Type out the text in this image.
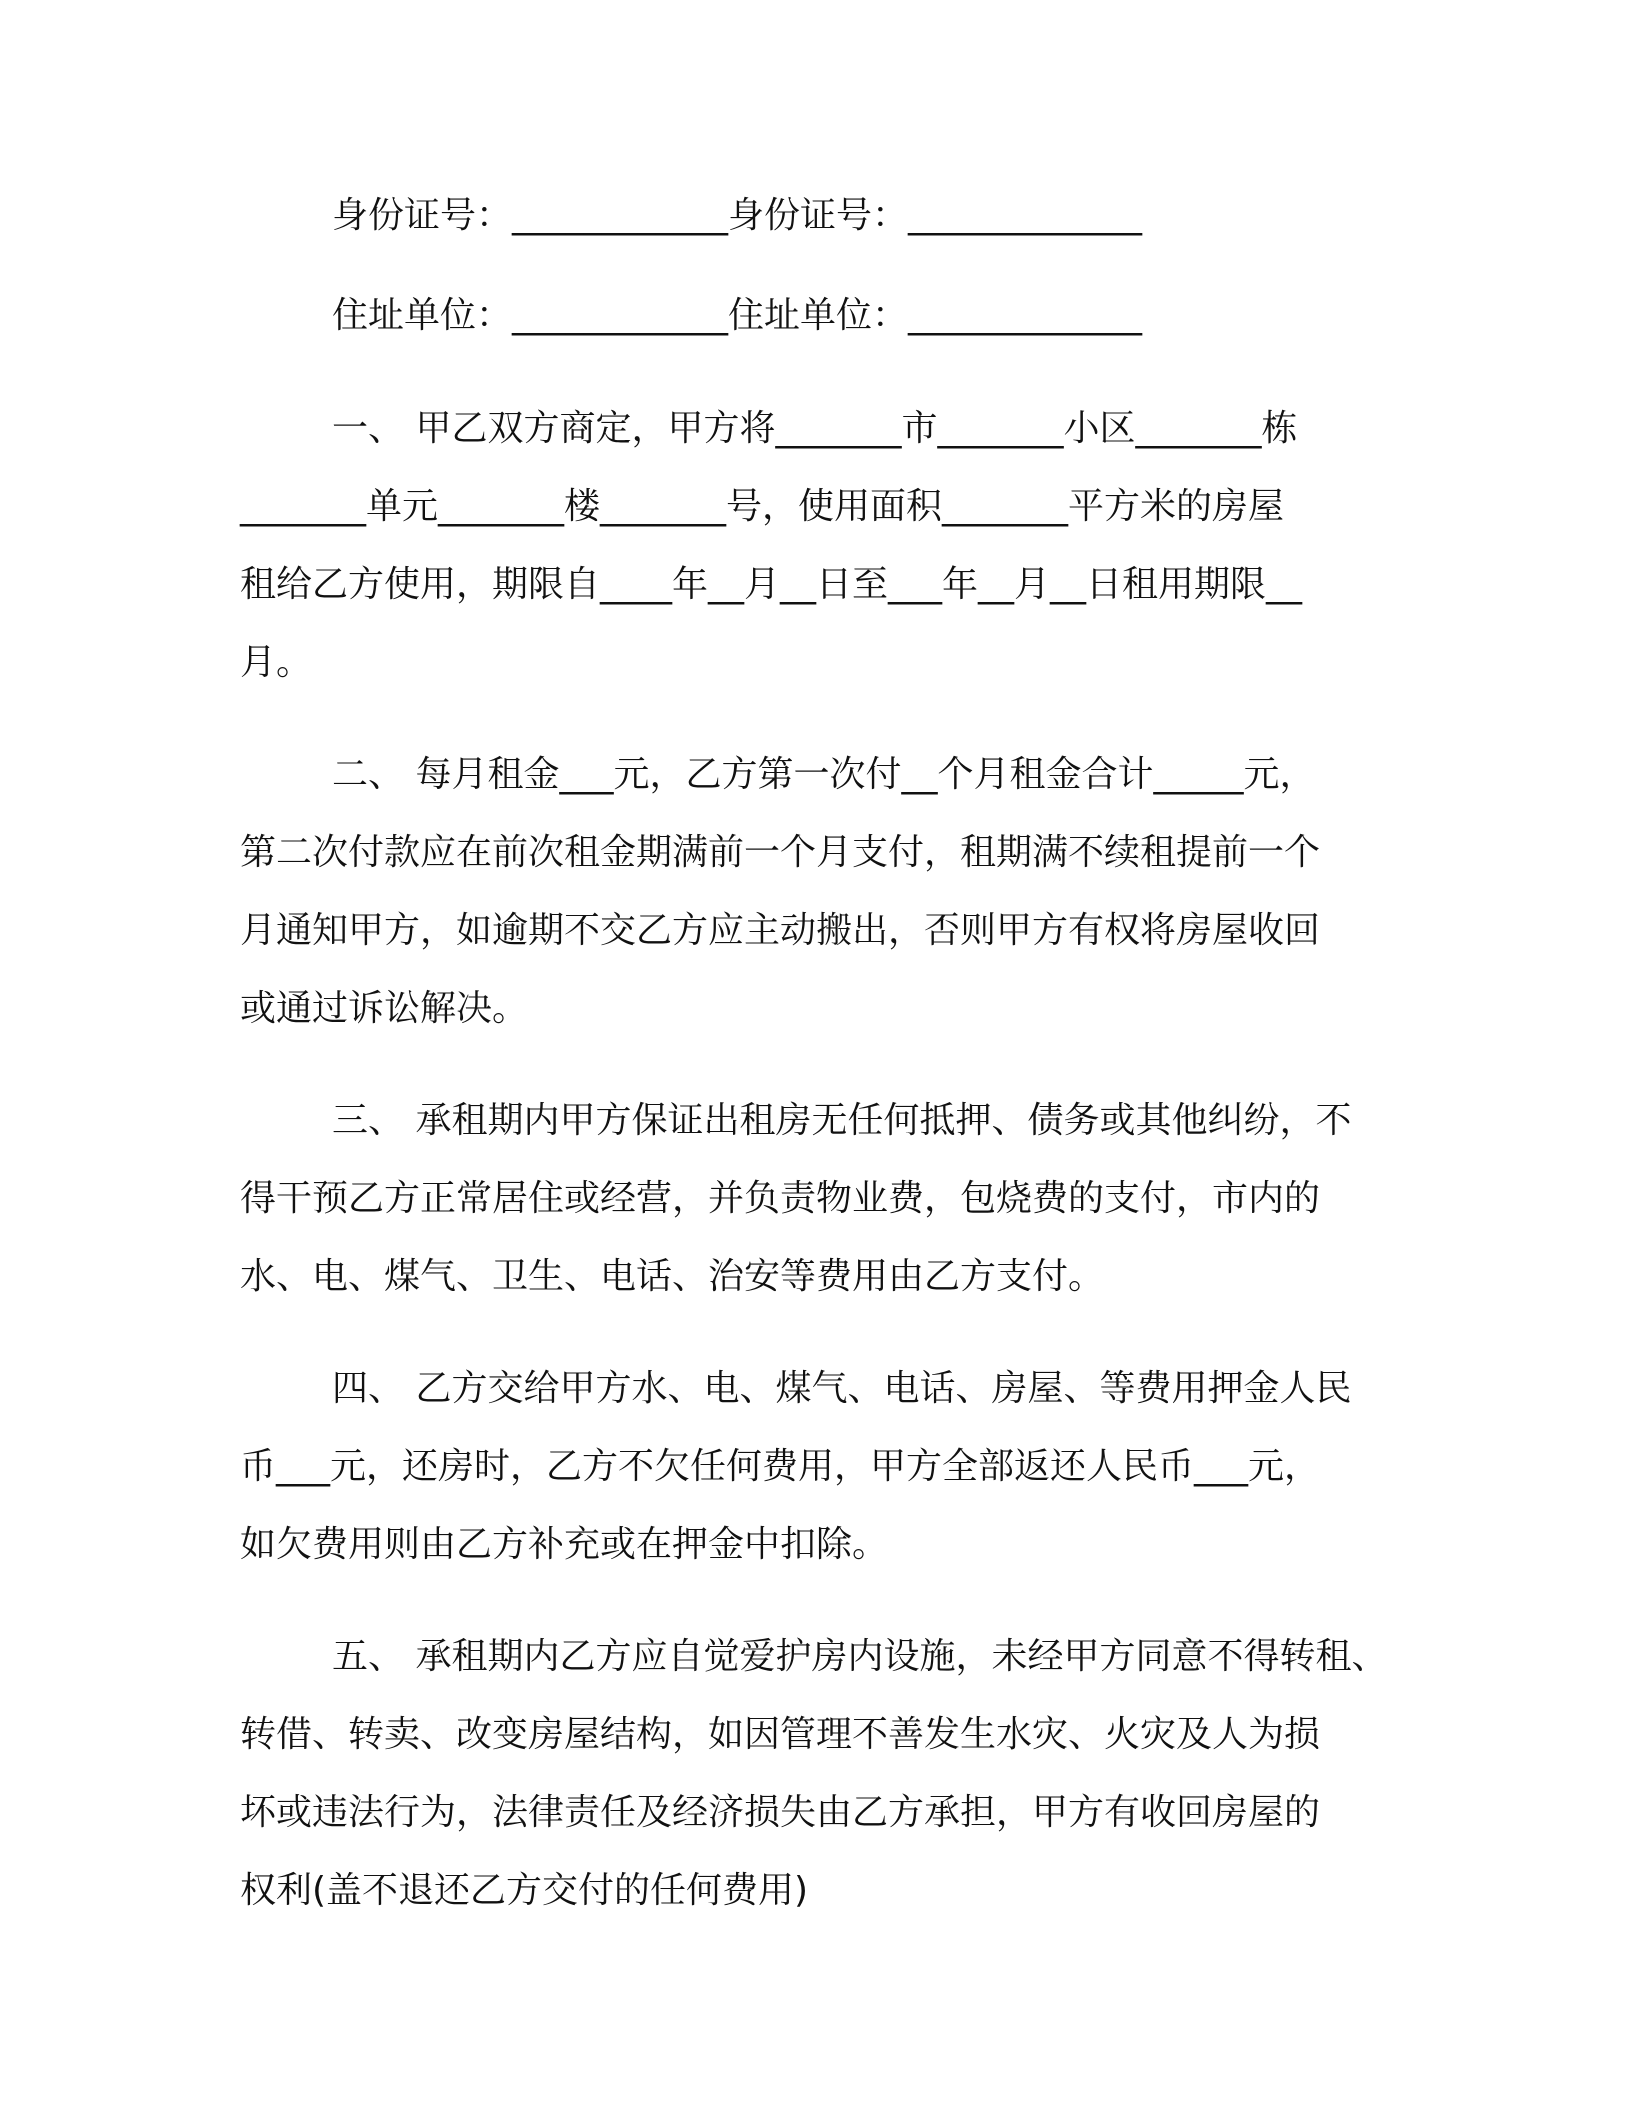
身份证号：____________身份证号：_____________

住址单位：____________住址单位：_____________

一、 甲乙双方商定，甲方将_______市_______小区_______栋

_______单元_______楼_______号，使用面积_______平方米的房屋

租给乙方使用，期限自____年__月__日至___年__月__日租用期限__

月。

二、 每月租金___元，乙方第一次付__个月租金合计_____元，

第二次付款应在前次租金期满前一个月支付，租期满不续租提前一个

月通知甲方，如逾期不交乙方应主动搬出，否则甲方有权将房屋收回

或通过诉讼解决。

三、 承租期内甲方保证出租房无任何抵押、债务或其他纠纷，不

得干预乙方正常居住或经营，并负责物业费，包烧费的支付，市内的

水、电、煤气、卫生、电话、治安等费用由乙方支付。

四、 乙方交给甲方水、电、煤气、电话、房屋、等费用押金人民

币___元，还房时，乙方不欠任何费用，甲方全部返还人民币___元，

如欠费用则由乙方补充或在押金中扣除。

五、 承租期内乙方应自觉爱护房内设施，未经甲方同意不得转租、

转借、转卖、改变房屋结构，如因管理不善发生水灾、火灾及人为损

坏或违法行为，法律责任及经济损失由乙方承担，甲方有收回房屋的

权利(盖不退还乙方交付的任何费用)
